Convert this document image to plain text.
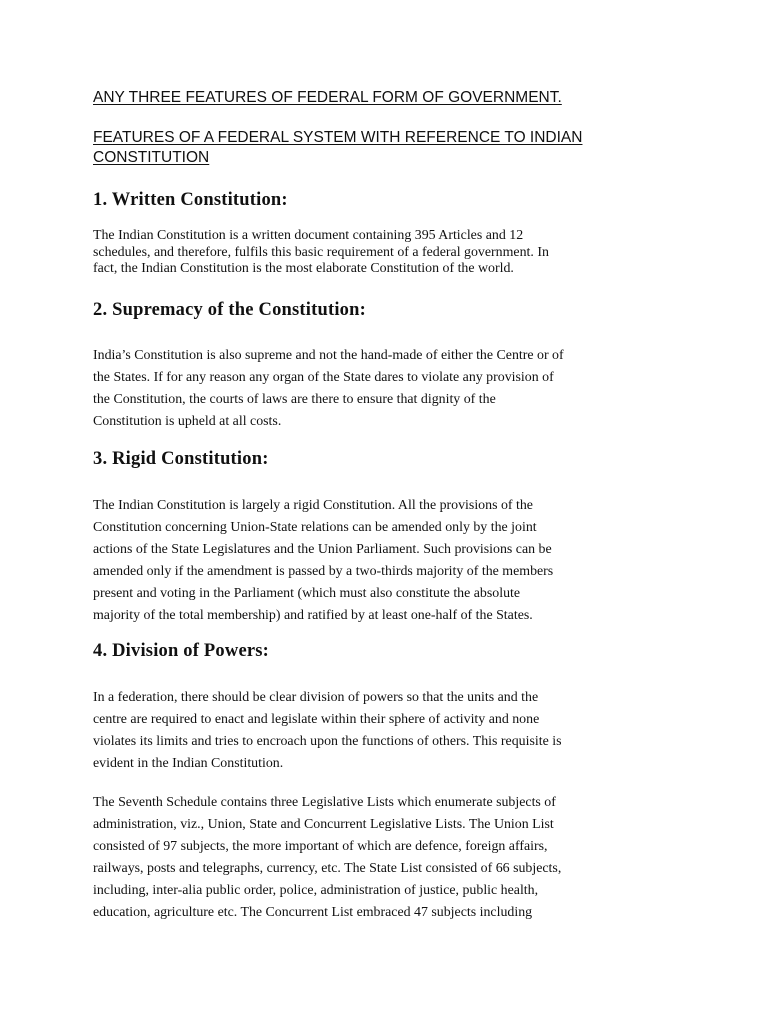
ANY THREE FEATURES OF FEDERAL FORM OF GOVERNMENT.

FEATURES OF A FEDERAL SYSTEM WITH REFERENCE TO INDIAN
CONSTITUTION

1. Written Constitution:
The Indian Constitution is a written document containing 395 Articles and 12
schedules, and therefore, fulfils this basic requirement of a federal government. In
fact, the Indian Constitution is the most elaborate Constitution of the world.
2. Supremacy of the Constitution:
India’s Constitution is also supreme and not the hand-made of either the Centre or of
the States. If for any reason any organ of the State dares to violate any provision of
the Constitution, the courts of laws are there to ensure that dignity of the
Constitution is upheld at all costs.
3. Rigid Constitution:
The Indian Constitution is largely a rigid Constitution. All the provisions of the
Constitution concerning Union-State relations can be amended only by the joint
actions of the State Legislatures and the Union Parliament. Such provisions can be
amended only if the amendment is passed by a two-thirds majority of the members
present and voting in the Parliament (which must also constitute the absolute
majority of the total membership) and ratified by at least one-half of the States.
4. Division of Powers:
In a federation, there should be clear division of powers so that the units and the
centre are required to enact and legislate within their sphere of activity and none
violates its limits and tries to encroach upon the functions of others. This requisite is
evident in the Indian Constitution.
The Seventh Schedule contains three Legislative Lists which enumerate subjects of
administration, viz., Union, State and Concurrent Legislative Lists. The Union List
consisted of 97 subjects, the more important of which are defence, foreign affairs,
railways, posts and telegraphs, currency, etc. The State List consisted of 66 subjects,
including, inter-alia public order, police, administration of justice, public health,
education, agriculture etc. The Concurrent List embraced 47 subjects including
